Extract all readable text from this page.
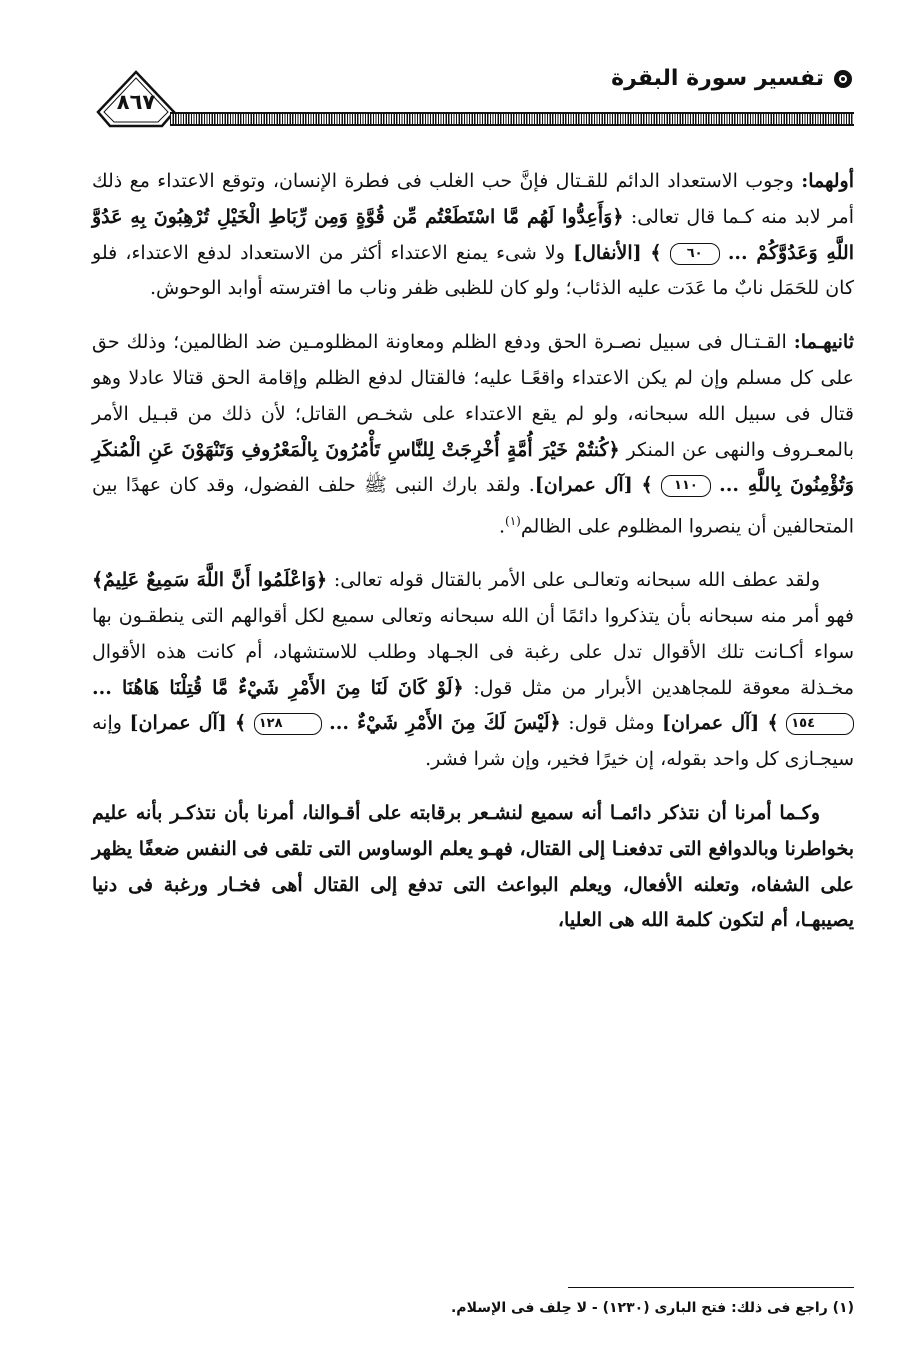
٨٦٧
تفسير سورة البقرة

أولهما: وجوب الاستعداد الدائم للقـتال فإنَّ حب الغلب فى فطرة الإنسان، وتوقع الاعتداء مع ذلك أمر لابد منه كـما قال تعالى: ﴿وَأَعِدُّوا لَهُم مَّا اسْتَطَعْتُم مِّن قُوَّةٍ وَمِن رِّبَاطِ الْخَيْلِ تُرْهِبُونَ بِهِ عَدُوَّ اللَّهِ وَعَدُوَّكُمْ ... ٦٠ ﴾ [الأنفال] ولا شىء يمنع الاعتداء أكثر من الاستعداد لدفع الاعتداء، فلو كان للحَمَل نابٌ ما عَدَت عليه الذئاب؛ ولو كان للظبى ظفر وناب ما افترسته أوابد الوحوش.

ثانيهـما: القـتـال فى سبيل نصـرة الحق ودفع الظلم ومعاونة المظلومـين ضد الظالمين؛ وذلك حق على كل مسلم وإن لم يكن الاعتداء واقعًـا عليه؛ فالقتال لدفع الظلم وإقامة الحق قتالا عادلا وهو قتال فى سبيل الله سبحانه، ولو لم يقع الاعتداء على شخـص القاتل؛ لأن ذلك من قبـيل الأمر بالمعـروف والنهى عن المنكر ﴿كُنتُمْ خَيْرَ أُمَّةٍ أُخْرِجَتْ لِلنَّاسِ تَأْمُرُونَ بِالْمَعْرُوفِ وَتَنْهَوْنَ عَنِ الْمُنكَرِ وَتُؤْمِنُونَ بِاللَّهِ ... ١١٠ ﴾ [آل عمران]. ولقد بارك النبى ﷺ حلف الفضول، وقد كان عهدًا بين المتحالفين أن ينصروا المظلوم على الظالم$^{(١)}$.

ولقد عطف الله سبحانه وتعالـى على الأمر بالقتال قوله تعالى: ﴿وَاعْلَمُوا أَنَّ اللَّهَ سَمِيعٌ عَلِيمٌ﴾ فهو أمر منه سبحانه بأن يتذكروا دائمًا أن الله سبحانه وتعالى سميع لكل أقوالهم التى ينطقـون بها سواء أكـانت تلك الأقوال تدل على رغبة فى الجـهاد وطلب للاستشهاد، أم كانت هذه الأقوال مخـذلة معوقة للمجاهدين الأبرار من مثل قول: ﴿لَوْ كَانَ لَنَا مِنَ الأَمْرِ شَيْءٌ مَّا قُتِلْنَا هَاهُنَا ... ١٥٤ ﴾ [آل عمران] ومثل قول: ﴿لَيْسَ لَكَ مِنَ الأَمْرِ شَيْءٌ ... ١٢٨ ﴾ [آل عمران] وإنه سيجـازى كل واحد بقوله، إن خيرًا فخير، وإن شرا فشر.

وكـما أمرنا أن نتذكر دائمـا أنه سميع لنشـعر برقابته على أقـوالنا، أمرنا بأن نتذكـر بأنه عليم بخواطرنا وبالدوافع التى تدفعنـا إلى القتال، فهـو يعلم الوساوس التى تلقى فى النفس ضعفًا يظهر على الشفاه، وتعلنه الأفعال، ويعلم البواعث التى تدفع إلى القتال أهى فخـار ورغبة فى دنيا يصيبهـا، أم لتكون كلمة الله هى العليا،

(١) راجع فى ذلك: فتح البارى (١٢٣٠) - لا حِلف فى الإسلام.
